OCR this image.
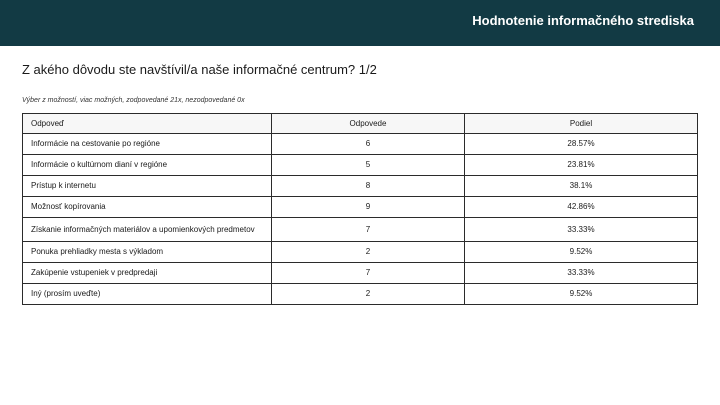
Hodnotenie informačného strediska
Z akého dôvodu ste navštívil/a naše informačné centrum? 1/2
Výber z možností, viac možných, zodpovedané 21x, nezodpovedané 0x
Odpoveď	Odpovede	Podiel
Informácie na cestovanie po regióne	6	28.57%
Informácie o kultúrnom dianí v regióne	5	23.81%
Prístup k internetu	8	38.1%
Možnosť kopírovania	9	42.86%
Získanie informačných materiálov a upomienkových predmetov	7	33.33%
Ponuka prehliadky mesta s výkladom	2	9.52%
Zakúpenie vstupeniek v predpredaji	7	33.33%
Iný (prosím uveďte)	2	9.52%
